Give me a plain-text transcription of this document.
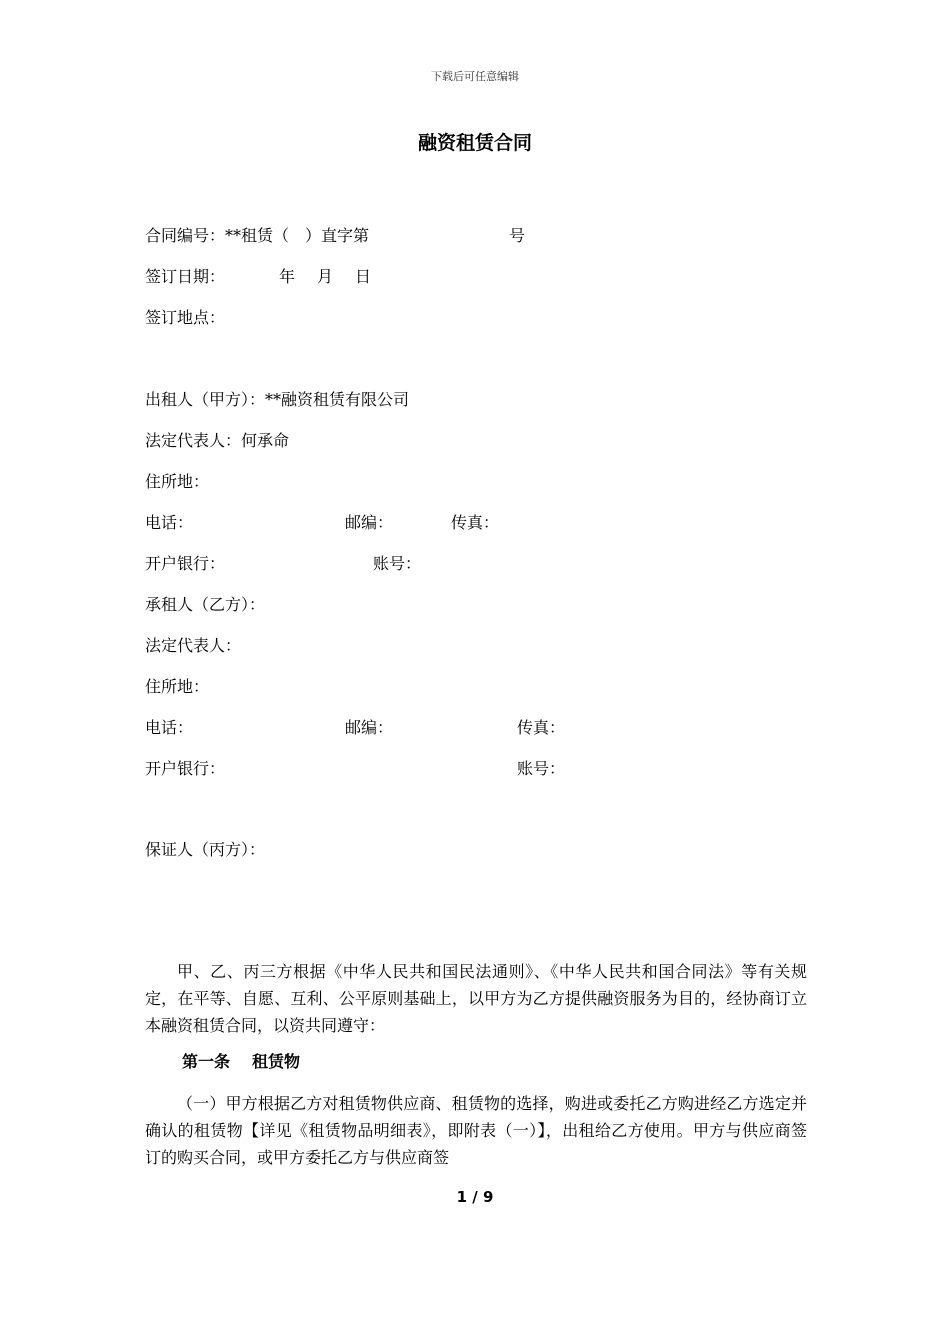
下载后可任意编辑
融资租赁合同
合同编号：**租赁（　）直字第	号
签订日期：	年 月 日
签订地点：
出租人（甲方）：**融资租赁有限公司
法定代表人：何承命
住所地：
电话：	邮编：	传真：
开户银行：	账号：
承租人（乙方）：
法定代表人：
住所地：
电话：	邮编：	传真：
开户银行：	账号：
保证人（丙方）：
甲、乙、丙三方根据《中华人民共和国民法通则》、《中华人民共和国合同法》等有关规定，在平等、自愿、互利、公平原则基础上，以甲方为乙方提供融资服务为目的，经协商订立本融资租赁合同，以资共同遵守：
第一条 租赁物
（一）甲方根据乙方对租赁物供应商、租赁物的选择，购进或委托乙方购进经乙方选定并确认的租赁物【详见《租赁物品明细表》，即附表（一）】，出租给乙方使用。甲方与供应商签订的购买合同，或甲方委托乙方与供应商签
1 / 9
